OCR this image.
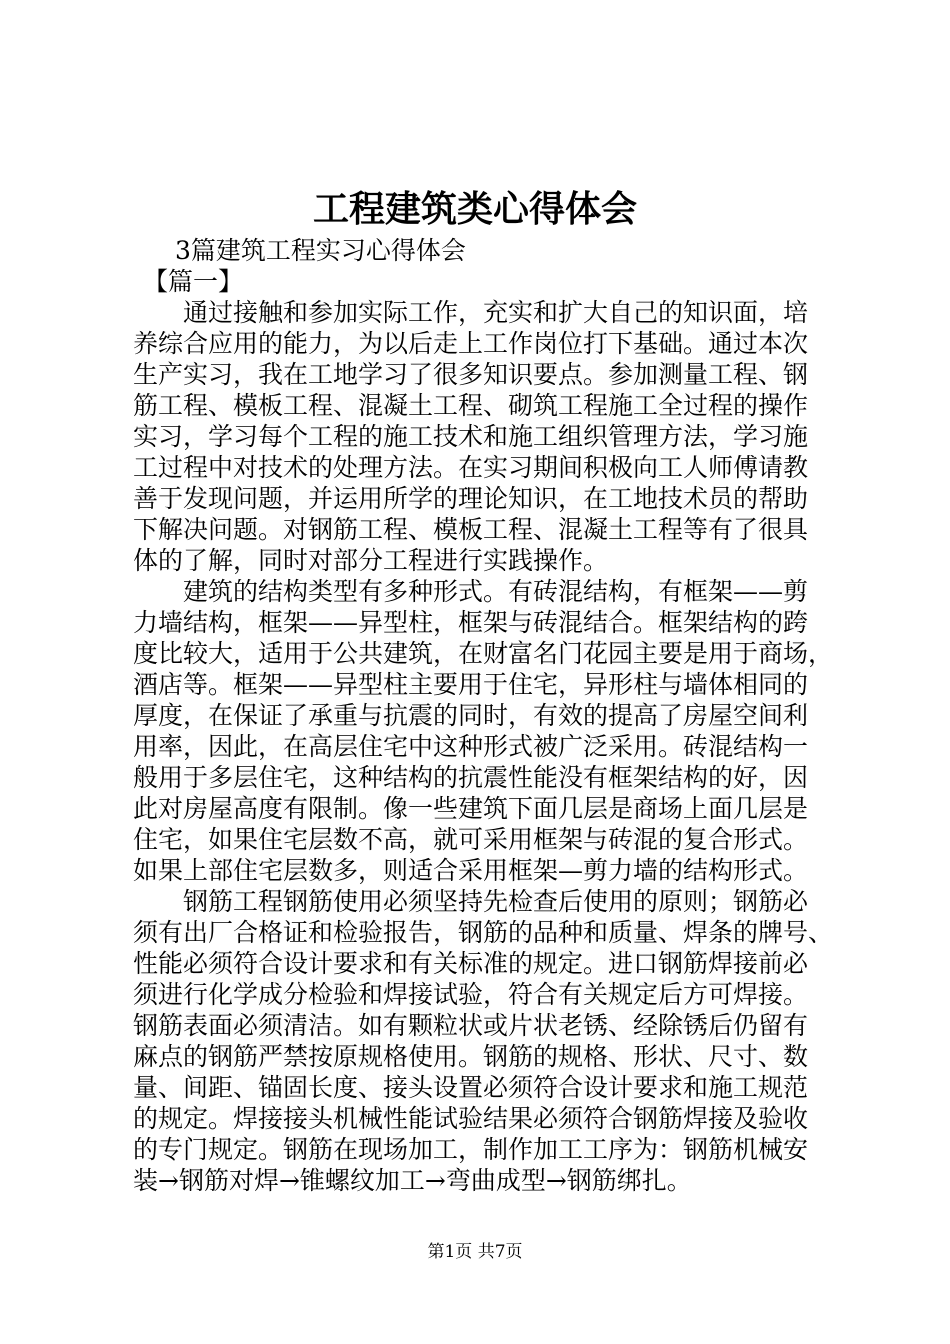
工程建筑类心得体会
3篇建筑工程实习心得体会
【篇一】
通过接触和参加实际工作，充实和扩大自己的知识面，培
养综合应用的能力，为以后走上工作岗位打下基础。通过本次
生产实习，我在工地学习了很多知识要点。参加测量工程、钢
筋工程、模板工程、混凝土工程、砌筑工程施工全过程的操作
实习，学习每个工程的施工技术和施工组织管理方法，学习施
工过程中对技术的处理方法。在实习期间积极向工人师傅请教
善于发现问题，并运用所学的理论知识，在工地技术员的帮助
下解决问题。对钢筋工程、模板工程、混凝土工程等有了很具
体的了解，同时对部分工程进行实践操作。
建筑的结构类型有多种形式。有砖混结构，有框架——剪
力墙结构，框架——异型柱，框架与砖混结合。框架结构的跨
度比较大，适用于公共建筑，在财富名门花园主要是用于商场，
酒店等。框架——异型柱主要用于住宅，异形柱与墙体相同的
厚度，在保证了承重与抗震的同时，有效的提高了房屋空间利
用率，因此，在高层住宅中这种形式被广泛采用。砖混结构一
般用于多层住宅，这种结构的抗震性能没有框架结构的好，因
此对房屋高度有限制。像一些建筑下面几层是商场上面几层是
住宅，如果住宅层数不高，就可采用框架与砖混的复合形式。
如果上部住宅层数多，则适合采用框架—剪力墙的结构形式。
钢筋工程钢筋使用必须坚持先检查后使用的原则；钢筋必
须有出厂合格证和检验报告，钢筋的品种和质量、焊条的牌号、
性能必须符合设计要求和有关标准的规定。进口钢筋焊接前必
须进行化学成分检验和焊接试验，符合有关规定后方可焊接。
钢筋表面必须清洁。如有颗粒状或片状老锈、经除锈后仍留有
麻点的钢筋严禁按原规格使用。钢筋的规格、形状、尺寸、数
量、间距、锚固长度、接头设置必须符合设计要求和施工规范
的规定。焊接接头机械性能试验结果必须符合钢筋焊接及验收
的专门规定。钢筋在现场加工，制作加工工序为：钢筋机械安
装→钢筋对焊→锥螺纹加工→弯曲成型→钢筋绑扎。
第1页 共7页
